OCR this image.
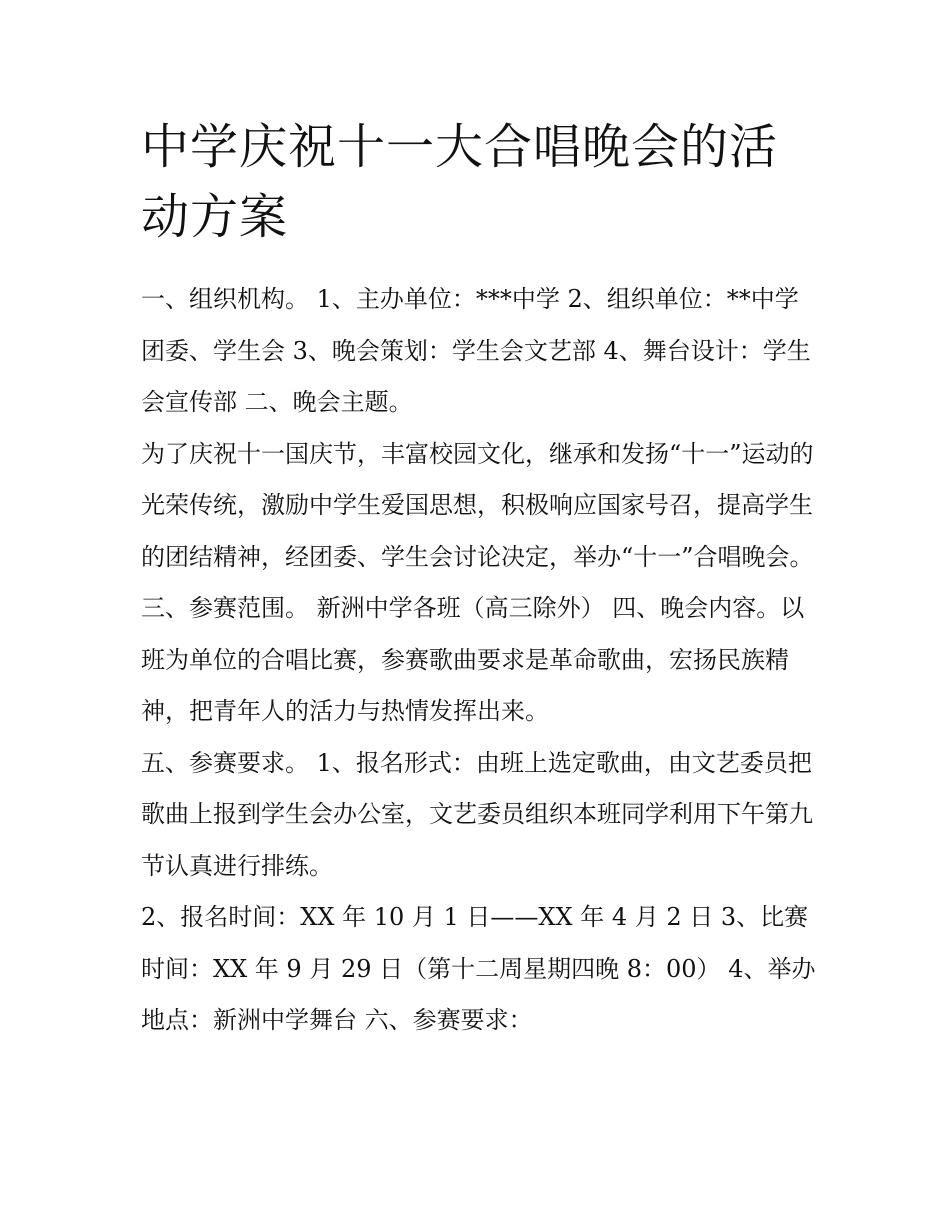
中学庆祝十一大合唱晚会的活动方案

一、组织机构。 1、主办单位：***中学 2、组织单位：**中学团委、学生会 3、晚会策划：学生会文艺部 4、舞台设计：学生会宣传部 二、晚会主题。

为了庆祝十一国庆节，丰富校园文化，继承和发扬“十一”运动的光荣传统，激励中学生爱国思想，积极响应国家号召，提高学生的团结精神，经团委、学生会讨论决定，举办“十一”合唱晚会。

三、参赛范围。 新洲中学各班（高三除外） 四、晚会内容。以班为单位的合唱比赛，参赛歌曲要求是革命歌曲，宏扬民族精神，把青年人的活力与热情发挥出来。

五、参赛要求。 1、报名形式：由班上选定歌曲，由文艺委员把歌曲上报到学生会办公室，文艺委员组织本班同学利用下午第九节认真进行排练。

2、报名时间：XX 年 10 月 1 日——XX 年 4 月 2 日 3、比赛时间：XX 年 9 月 29 日（第十二周星期四晚 8：00） 4、举办地点：新洲中学舞台 六、参赛要求：
